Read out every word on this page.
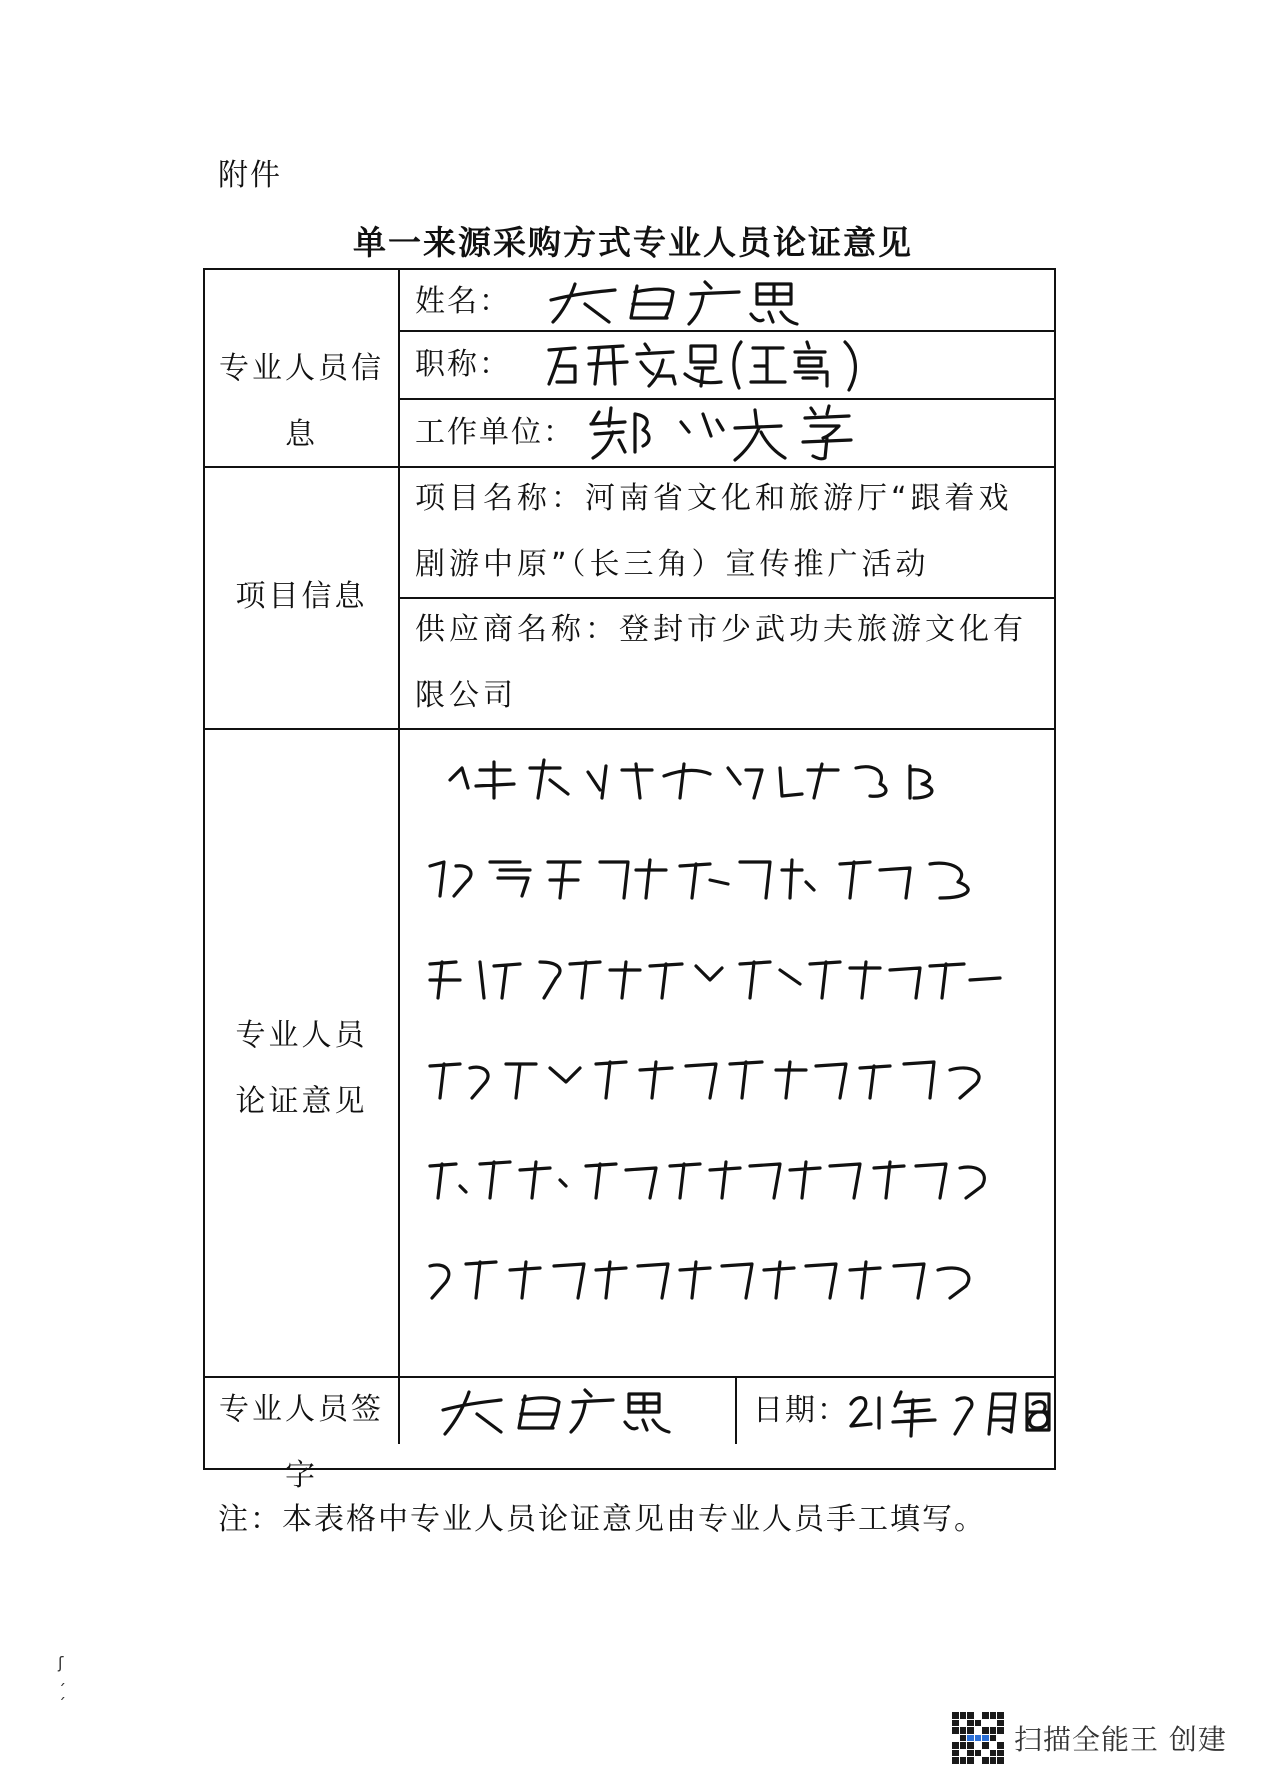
附件
单一来源采购方式专业人员论证意见
专业人员信息
姓名：
职称：
工作单位：
项目信息
项目名称：河南省文化和旅游厅“跟着戏剧游中原”（长三角）宣传推广活动
供应商名称：登封市少武功夫旅游文化有限公司
专业人员
论证意见
专业人员签字
日期：
注：本表格中专业人员论证意见由专业人员手工填写。
ʃ
ˏ
ˏ
扫描全能王 创建
